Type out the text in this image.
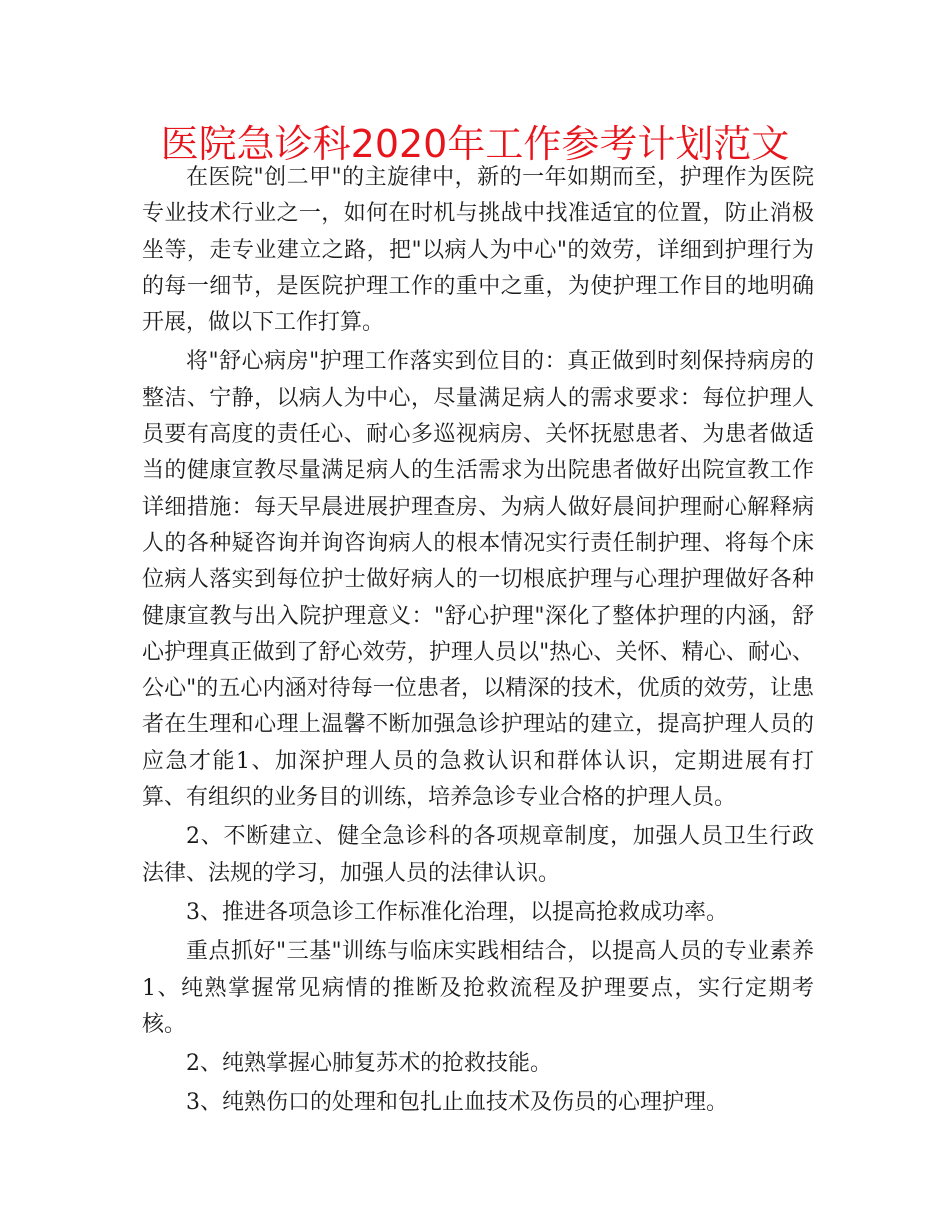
医院急诊科2020年工作参考计划范文

在医院"创二甲"的主旋律中，新的一年如期而至，护理作为医院专业技术行业之一，如何在时机与挑战中找准适宜的位置，防止消极坐等，走专业建立之路，把"以病人为中心"的效劳，详细到护理行为的每一细节，是医院护理工作的重中之重，为使护理工作目的地明确开展，做以下工作打算。

将"舒心病房"护理工作落实到位目的：真正做到时刻保持病房的整洁、宁静，以病人为中心，尽量满足病人的需求要求：每位护理人员要有高度的责任心、耐心多巡视病房、关怀抚慰患者、为患者做适当的健康宣教尽量满足病人的生活需求为出院患者做好出院宣教工作详细措施：每天早晨进展护理查房、为病人做好晨间护理耐心解释病人的各种疑咨询并询咨询病人的根本情况实行责任制护理、将每个床位病人落实到每位护士做好病人的一切根底护理与心理护理做好各种健康宣教与出入院护理意义："舒心护理"深化了整体护理的内涵，舒心护理真正做到了舒心效劳，护理人员以"热心、关怀、精心、耐心、公心"的五心内涵对待每一位患者，以精深的技术，优质的效劳，让患者在生理和心理上温馨不断加强急诊护理站的建立，提高护理人员的应急才能1、加深护理人员的急救认识和群体认识，定期进展有打算、有组织的业务目的训练，培养急诊专业合格的护理人员。

2、不断建立、健全急诊科的各项规章制度，加强人员卫生行政法律、法规的学习，加强人员的法律认识。

3、推进各项急诊工作标准化治理，以提高抢救成功率。

重点抓好"三基"训练与临床实践相结合，以提高人员的专业素养1、纯熟掌握常见病情的推断及抢救流程及护理要点，实行定期考核。

2、纯熟掌握心肺复苏术的抢救技能。

3、纯熟伤口的处理和包扎止血技术及伤员的心理护理。
